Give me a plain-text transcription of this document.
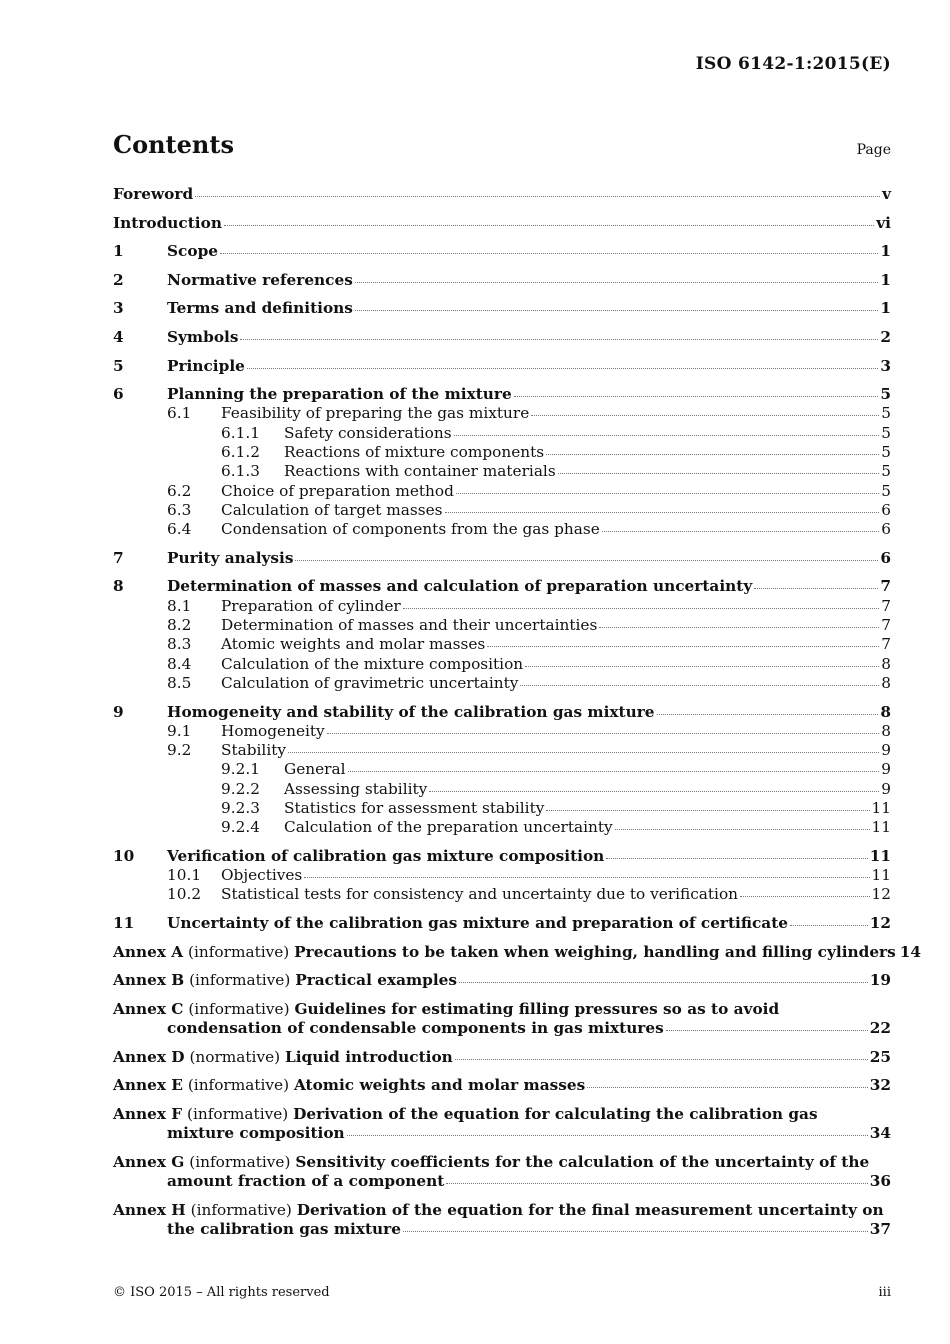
ISO 6142-1:2015(E)
Contents	Page
Foreword	v
Introduction	vi
1	Scope	1
2	Normative references	1
3	Terms and definitions	1
4	Symbols	2
5	Principle	3
6	Planning the preparation of the mixture	5
6.1	Feasibility of preparing the gas mixture	5
6.1.1	Safety considerations	5
6.1.2	Reactions of mixture components	5
6.1.3	Reactions with container materials	5
6.2	Choice of preparation method	5
6.3	Calculation of target masses	6
6.4	Condensation of components from the gas phase	6
7	Purity analysis	6
8	Determination of masses and calculation of preparation uncertainty	7
8.1	Preparation of cylinder	7
8.2	Determination of masses and their uncertainties	7
8.3	Atomic weights and molar masses	7
8.4	Calculation of the mixture composition	8
8.5	Calculation of gravimetric uncertainty	8
9	Homogeneity and stability of the calibration gas mixture	8
9.1	Homogeneity	8
9.2	Stability	9
9.2.1	General	9
9.2.2	Assessing stability	9
9.2.3	Statistics for assessment stability	11
9.2.4	Calculation of the preparation uncertainty	11
10	Verification of calibration gas mixture composition	11
10.1	Objectives	11
10.2	Statistical tests for consistency and uncertainty due to verification	12
11	Uncertainty of the calibration gas mixture and preparation of certificate	12
Annex A (informative) Precautions to be taken when weighing, handling and filling cylinders 14
Annex B (informative) Practical examples	19
Annex C (informative) Guidelines for estimating filling pressures so as to avoid
condensation of condensable components in gas mixtures	22
Annex D (normative) Liquid introduction	25
Annex E (informative) Atomic weights and molar masses	32
Annex F (informative) Derivation of the equation for calculating the calibration gas
mixture composition	34
Annex G (informative) Sensitivity coefficients for the calculation of the uncertainty of the
amount fraction of a component	36
Annex H (informative) Derivation of the equation for the final measurement uncertainty on
the calibration gas mixture	37
© ISO 2015 – All rights reserved	iii
